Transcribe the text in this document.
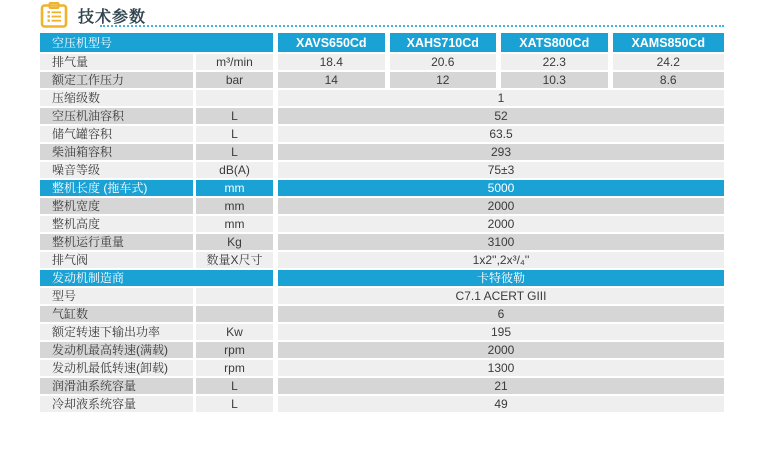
技术参数
空压机型号		XAVS650Cd	XAHS710Cd	XATS800Cd	XAMS850Cd
排气量	m³/min	18.4	20.6	22.3	24.2
额定工作压力	bar	14	12	10.3	8.6
压缩级数		1			
空压机油容积	L	52			
储气罐容积	L	63.5			
柴油箱容积	L	293			
噪音等级	dB(A)	75±3			
整机长度 (拖车式)	mm	5000			
整机宽度	mm	2000			
整机高度	mm	2000			
整机运行重量	Kg	3100			
排气阀	数量X尺寸	1x2'',2x³/₄''			
发动机制造商		卡特彼勒			
型号		C7.1 ACERT GIII			
气缸数		6			
额定转速下输出功率	Kw	195			
发动机最高转速(满载)	rpm	2000			
发动机最低转速(卸载)	rpm	1300			
润滑油系统容量	L	21			
冷却液系统容量	L	49			
